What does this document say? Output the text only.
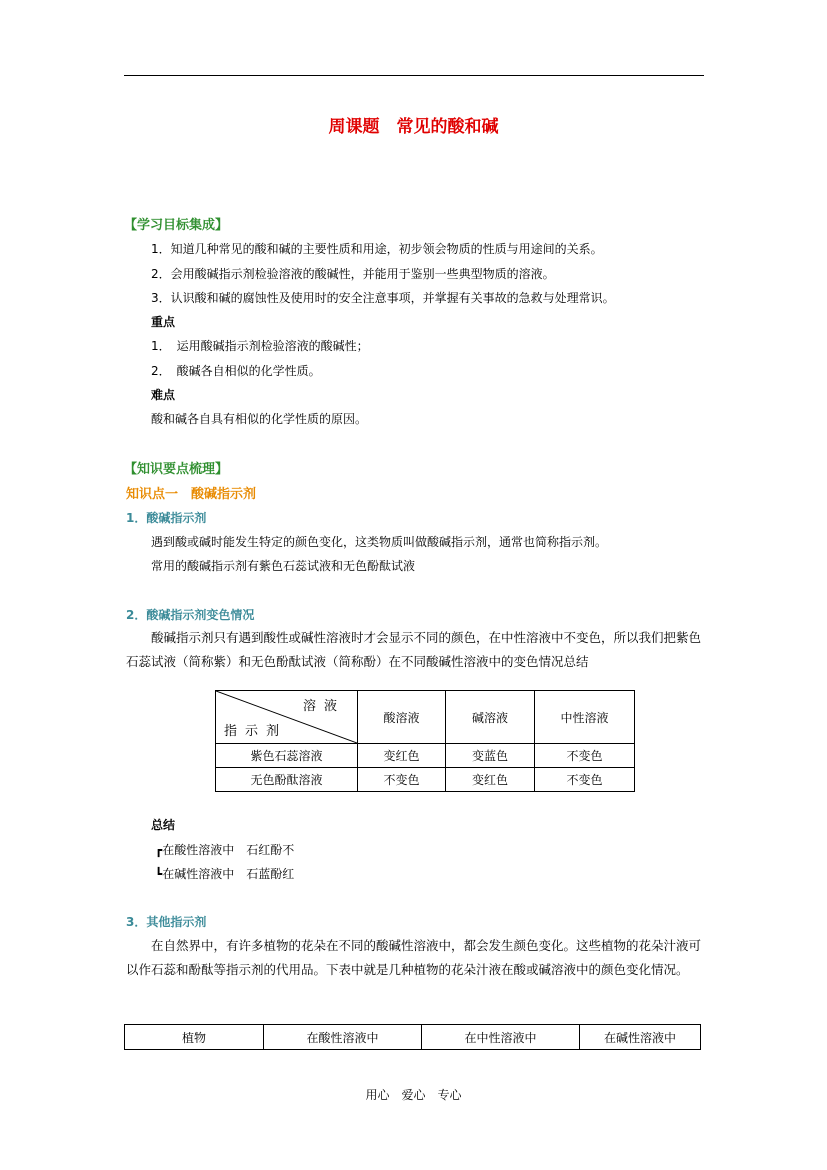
周课题　常见的酸和碱
【学习目标集成】
1．知道几种常见的酸和碱的主要性质和用途，初步领会物质的性质与用途间的关系。
2．会用酸碱指示剂检验溶液的酸碱性，并能用于鉴别一些典型物质的溶液。
3．认识酸和碱的腐蚀性及使用时的安全注意事项，并掌握有关事故的急救与处理常识。
重点
1．　运用酸碱指示剂检验溶液的酸碱性；
2．　酸碱各自相似的化学性质。
难点
酸和碱各自具有相似的化学性质的原因。
【知识要点梳理】
知识点一　酸碱指示剂
1．酸碱指示剂
遇到酸或碱时能发生特定的颜色变化，这类物质叫做酸碱指示剂，通常也简称指示剂。
常用的酸碱指示剂有紫色石蕊试液和无色酚酞试液
2．酸碱指示剂变色情况
酸碱指示剂只有遇到酸性或碱性溶液时才会显示不同的颜色，在中性溶液中不变色，所以我们把紫色石蕊试液（简称紫）和无色酚酞试液（简称酚）在不同酸碱性溶液中的变色情况总结
溶液
指示剂	酸溶液	碱溶液	中性溶液
紫色石蕊溶液	变红色	变蓝色	不变色
无色酚酞溶液	不变色	变红色	不变色
总结
┏在酸性溶液中　石红酚不
┗在碱性溶液中　石蓝酚红
3．其他指示剂
在自然界中，有许多植物的花朵在不同的酸碱性溶液中，都会发生颜色变化。这些植物的花朵汁液可以作石蕊和酚酞等指示剂的代用品。下表中就是几种植物的花朵汁液在酸或碱溶液中的颜色变化情况。
植物	在酸性溶液中	在中性溶液中	在碱性溶液中
用心　爱心　专心
